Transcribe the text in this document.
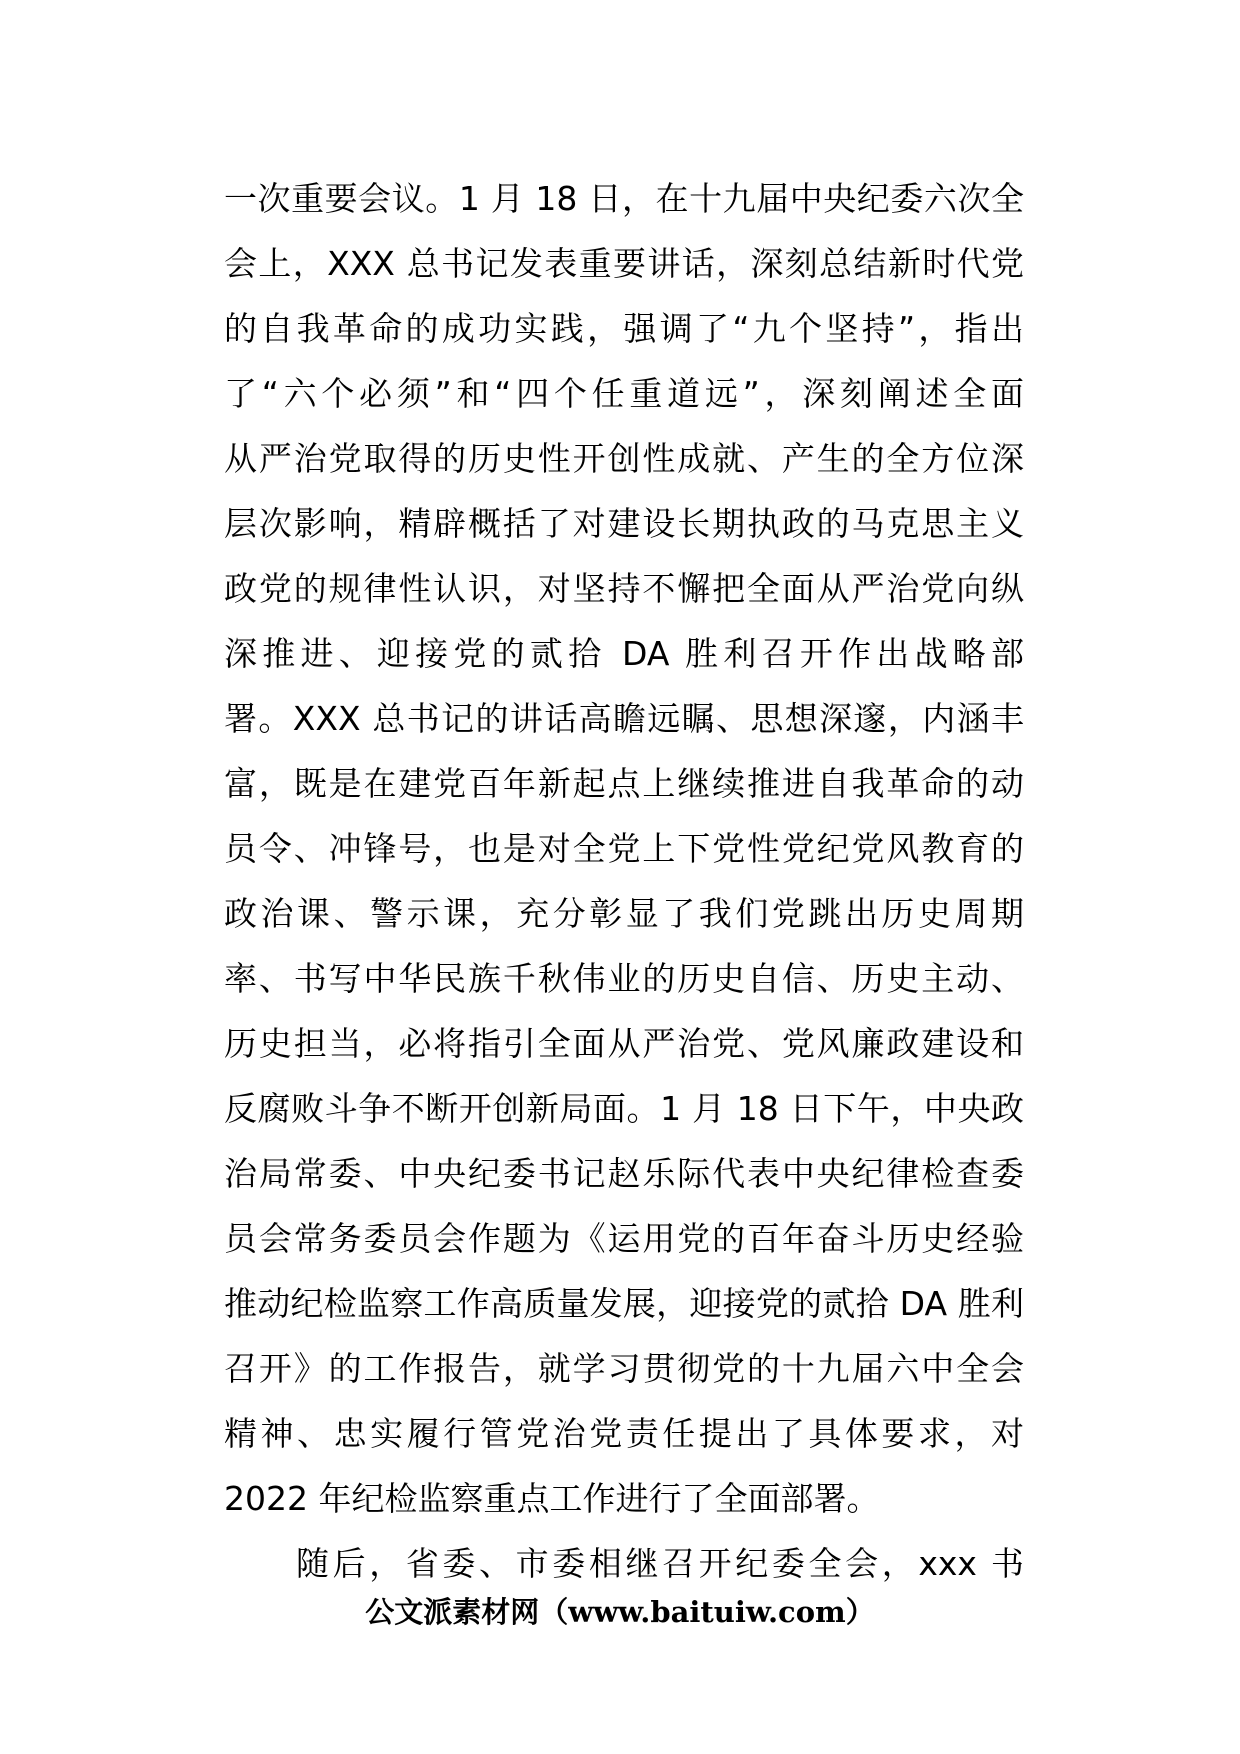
一次重要会议。1 月 18 日，在十九届中央纪委六次全
会上，XXX 总书记发表重要讲话，深刻总结新时代党
的自我革命的成功实践，强调了“九个坚持”，指出
了“六个必须”和“四个任重道远”，深刻阐述全面
从严治党取得的历史性开创性成就、产生的全方位深
层次影响，精辟概括了对建设长期执政的马克思主义
政党的规律性认识，对坚持不懈把全面从严治党向纵
深推进、迎接党的贰拾 DA 胜利召开作出战略部
署。XXX 总书记的讲话高瞻远瞩、思想深邃，内涵丰
富，既是在建党百年新起点上继续推进自我革命的动
员令、冲锋号，也是对全党上下党性党纪党风教育的
政治课、警示课，充分彰显了我们党跳出历史周期
率、书写中华民族千秋伟业的历史自信、历史主动、
历史担当，必将指引全面从严治党、党风廉政建设和
反腐败斗争不断开创新局面。1 月 18 日下午，中央政
治局常委、中央纪委书记赵乐际代表中央纪律检查委
员会常务委员会作题为《运用党的百年奋斗历史经验
推动纪检监察工作高质量发展，迎接党的贰拾 DA 胜利
召开》的工作报告，就学习贯彻党的十九届六中全会
精神、忠实履行管党治党责任提出了具体要求，对
2022 年纪检监察重点工作进行了全面部署。
随后，省委、市委相继召开纪委全会，xxx 书
公文派素材网（www.baituiw.com）
